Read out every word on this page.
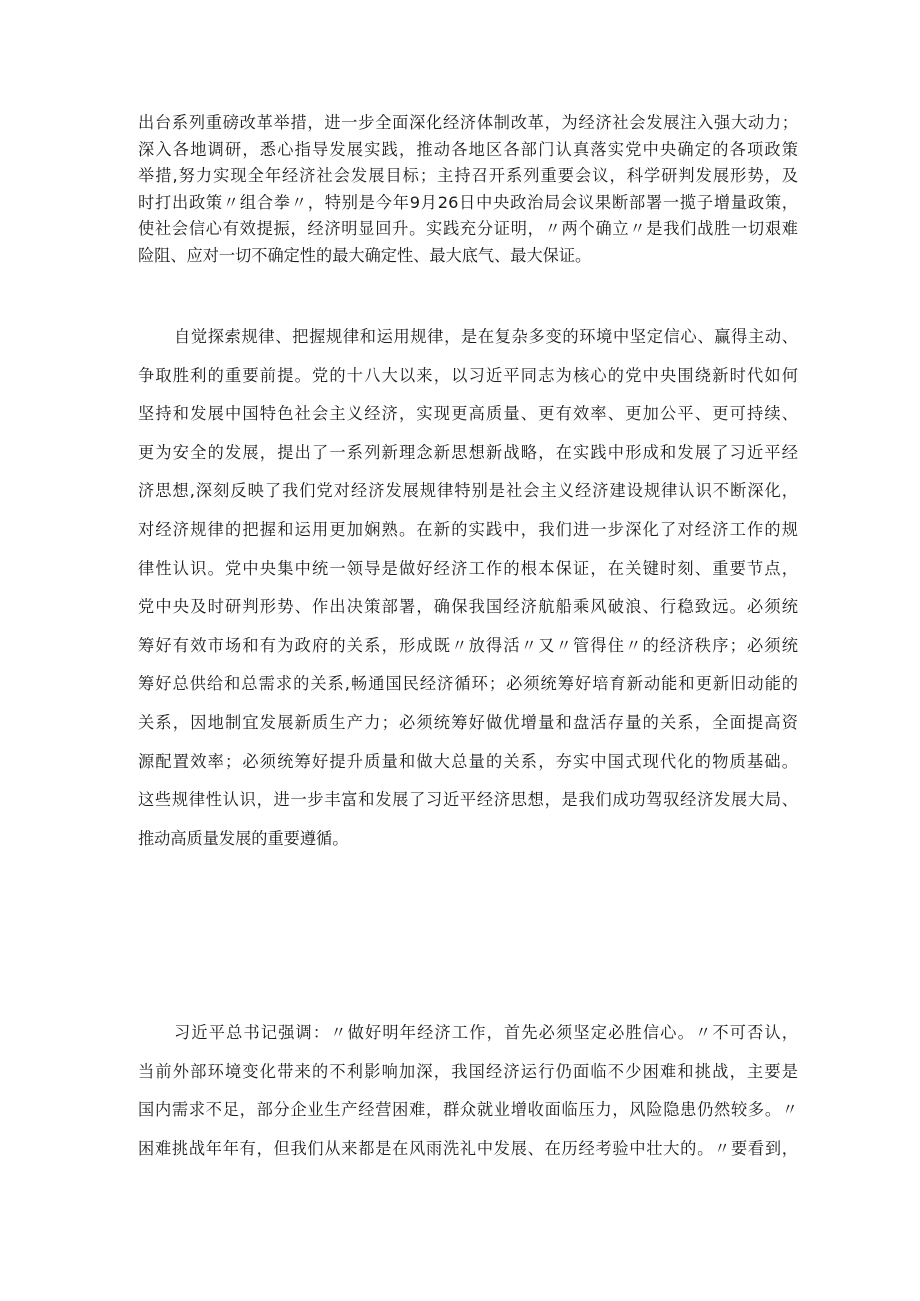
出台系列重磅改革举措，进一步全面深化经济体制改革，为经济社会发展注入强大动力；
深入各地调研，悉心指导发展实践，推动各地区各部门认真落实党中央确定的各项政策
举措,努力实现全年经济社会发展目标；主持召开系列重要会议，科学研判发展形势，及
时打出政策〃组合拳〃，特别是今年9月26日中央政治局会议果断部署一揽子增量政策，
使社会信心有效提振，经济明显回升。实践充分证明，〃两个确立〃是我们战胜一切艰难
险阻、应对一切不确定性的最大确定性、最大底气、最大保证。
自觉探索规律、把握规律和运用规律，是在复杂多变的环境中坚定信心、赢得主动、
争取胜利的重要前提。党的十八大以来，以习近平同志为核心的党中央围绕新时代如何
坚持和发展中国特色社会主义经济，实现更高质量、更有效率、更加公平、更可持续、
更为安全的发展，提出了一系列新理念新思想新战略，在实践中形成和发展了习近平经
济思想,深刻反映了我们党对经济发展规律特别是社会主义经济建设规律认识不断深化，
对经济规律的把握和运用更加娴熟。在新的实践中，我们进一步深化了对经济工作的规
律性认识。党中央集中统一领导是做好经济工作的根本保证，在关键时刻、重要节点，
党中央及时研判形势、作出决策部署，确保我国经济航船乘风破浪、行稳致远。必须统
筹好有效市场和有为政府的关系，形成既〃放得活〃又〃管得住〃的经济秩序；必须统
筹好总供给和总需求的关系,畅通国民经济循环；必须统筹好培育新动能和更新旧动能的
关系，因地制宜发展新质生产力；必须统筹好做优增量和盘活存量的关系，全面提高资
源配置效率；必须统筹好提升质量和做大总量的关系，夯实中国式现代化的物质基础。
这些规律性认识，进一步丰富和发展了习近平经济思想，是我们成功驾驭经济发展大局、
推动高质量发展的重要遵循。
习近平总书记强调：〃做好明年经济工作，首先必须坚定必胜信心。〃不可否认，
当前外部环境变化带来的不利影响加深，我国经济运行仍面临不少困难和挑战，主要是
国内需求不足，部分企业生产经营困难，群众就业增收面临压力，风险隐患仍然较多。〃
困难挑战年年有，但我们从来都是在风雨洗礼中发展、在历经考验中壮大的。〃要看到，
